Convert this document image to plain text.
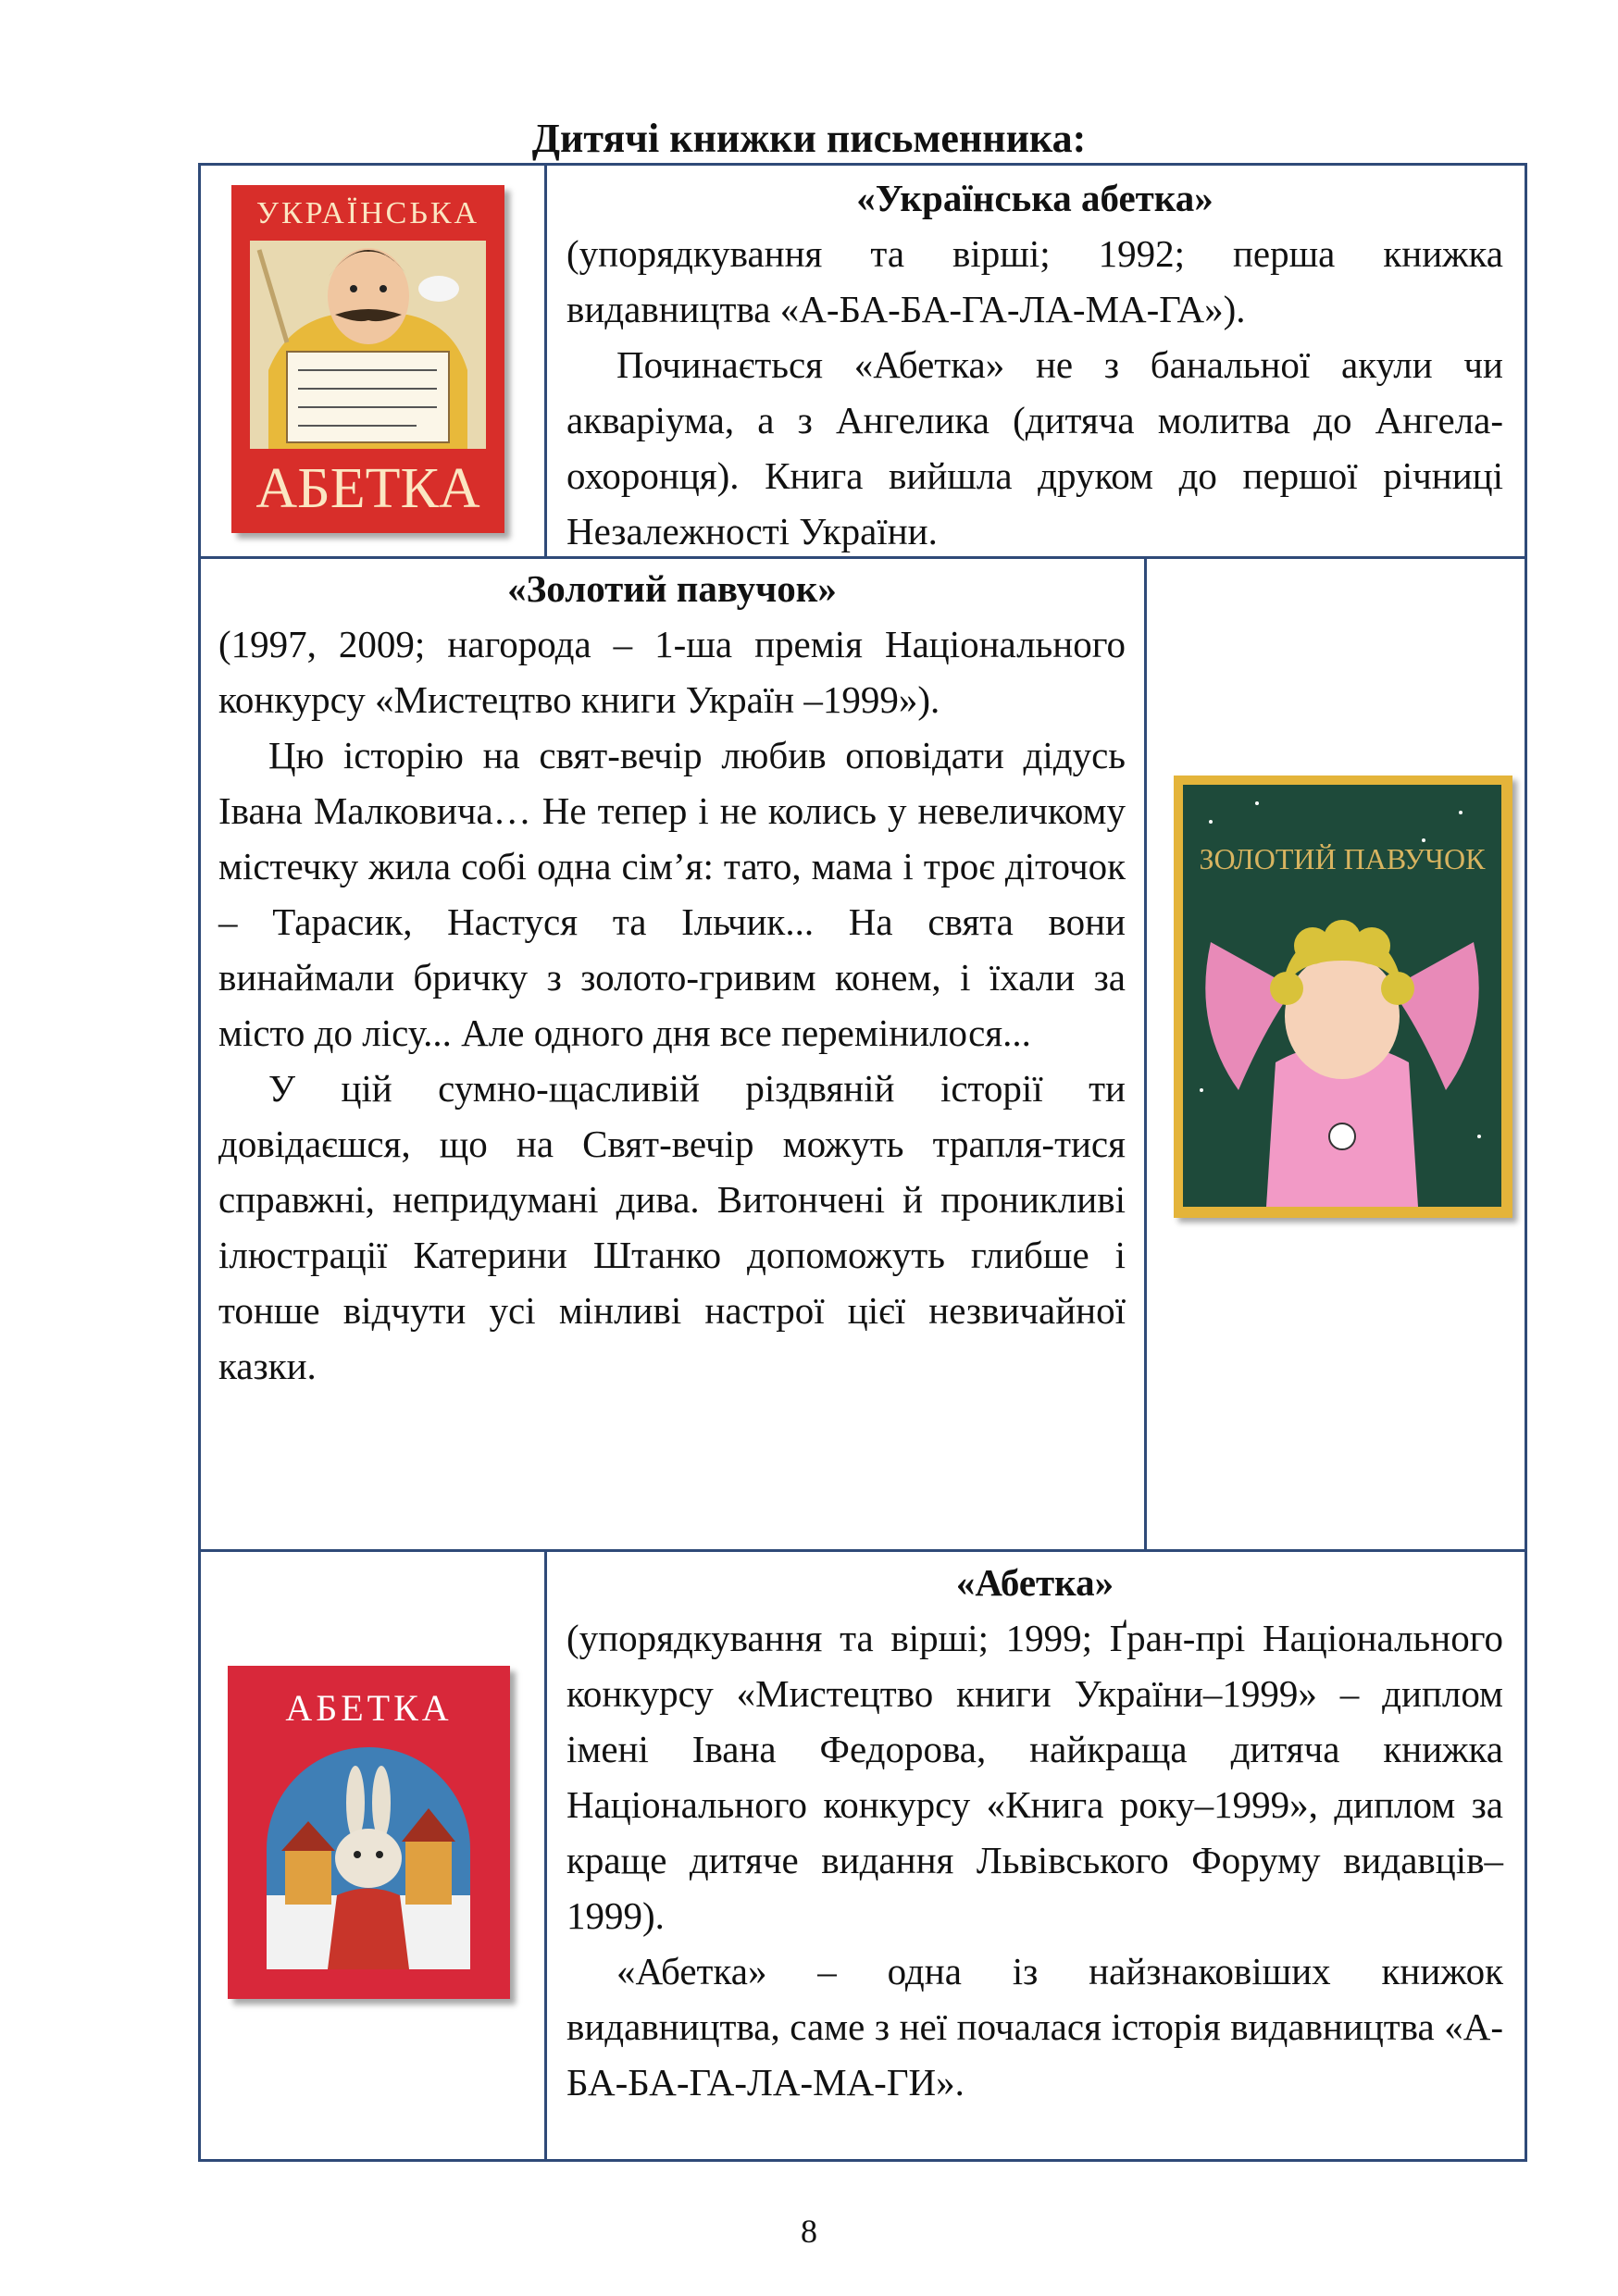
Дитячі книжки письменника:
УКРАЇНСЬКА
АБЕТКА
ЗОЛОТИЙ ПАВУЧОК
АБЕТКА

«Українська абетка»

(упорядкування та вірші; 1992; перша книжка видавництва «А-БА-БА-ГА-ЛА-МА-ГА»).

Починається «Абетка» не з банальної акули чи акваріума, а з Ангелика (дитяча молитва до Ангела-охоронця). Книга вийшла друком до першої річниці Незалежності України.

«Золотий павучок»

(1997, 2009; нагорода – 1-ша премія Національного конкурсу «Мистецтво книги Україн –1999»).

Цю історію на свят-вечір любив оповідати дідусь Івана Малковича… Не тепер і не колись у невеличкому містечку жила собі одна сім’я: тато, мама і троє діточок – Тарасик, Настуся та Ільчик... На свята вони винаймали бричку з золото-гривим конем, і їхали за місто до лісу... Але одного дня все перемінилося...

У цій сумно-щасливій різдвяній історії ти довідаєшся, що на Свят-вечір можуть трапля-тися справжні, непридумані дива. Витончені й проникливі ілюстрації Катерини Штанко допоможуть глибше і тонше відчути усі мінливі настрої цієї незвичайної казки.

«Абетка»

(упорядкування та вірші; 1999; Ґран-прі Національного конкурсу «Мистецтво книги України–1999» – диплом імені Івана Федорова, найкраща дитяча книжка Національного конкурсу «Книга року–1999», диплом за краще дитяче видання Львівського Форуму видавців–1999).

«Абетка» – одна із найзнаковіших книжок видавництва, саме з неї почалася історія видавництва «А-БА-БА-ГА-ЛА-МА-ГИ».

8
